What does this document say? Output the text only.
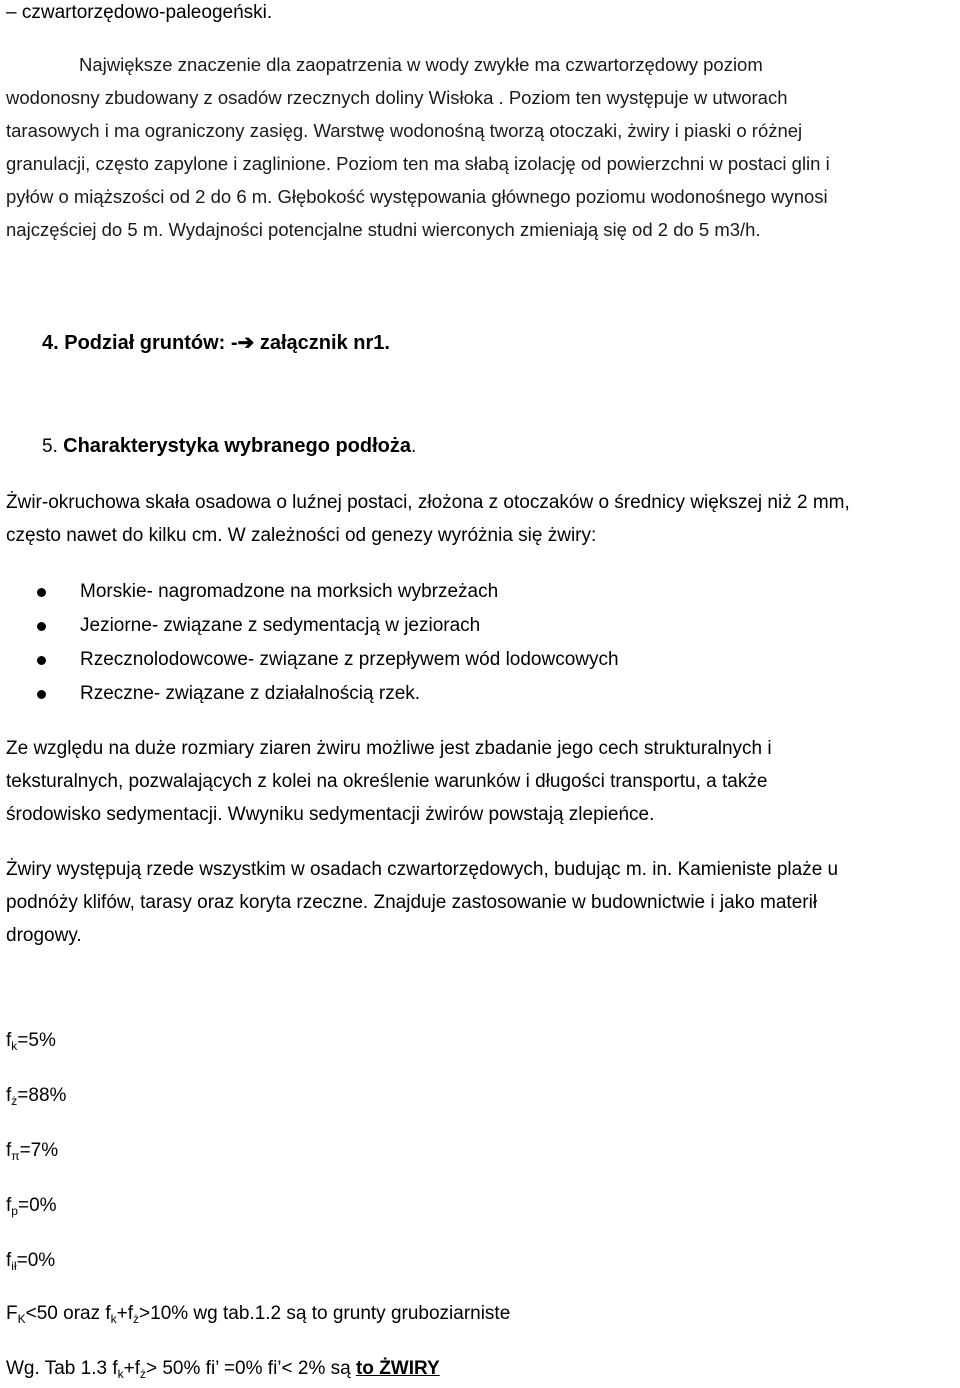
– czwartorzędowo-paleogeński.
Największe znaczenie dla zaopatrzenia w wody zwykłe ma czwartorzędowy poziom
wodonosny zbudowany z osadów rzecznych doliny Wisłoka . Poziom ten występuje w utworach
tarasowych i ma ograniczony zasięg. Warstwę wodonośną tworzą otoczaki, żwiry i piaski o różnej
granulacji, często zapylone i zaglinione. Poziom ten ma słabą izolację od powierzchni w postaci glin i
pyłów o miąższości od 2 do 6 m. Głębokość występowania głównego poziomu wodonośnego wynosi
najczęściej do 5 m. Wydajności potencjalne studni wierconych zmieniają się od 2 do 5 m3/h.
4. Podział gruntów: -➔ załącznik nr1.
5. Charakterystyka wybranego podłoża.
Żwir-okruchowa skała osadowa o luźnej postaci, złożona z otoczaków o średnicy większej niż 2 mm,
często nawet do kilku cm. W zależności od genezy wyróżnia się żwiry:
Morskie- nagromadzone na morksich wybrzeżach
Jeziorne- związane z sedymentacją w jeziorach
Rzecznolodowcowe- związane z przepływem wód lodowcowych
Rzeczne- związane z działalnością rzek.
Ze względu na duże rozmiary ziaren żwiru możliwe jest zbadanie jego cech strukturalnych i
teksturalnych, pozwalających z kolei na określenie warunków i długości transportu, a także
środowisko sedymentacji. Wwyniku sedymentacji żwirów powstają zlepieńce.
Żwiry występują rzede wszystkim w osadach czwartorzędowych, budując m. in. Kamieniste plaże u
podnóży klifów, tarasy oraz koryta rzeczne. Znajduje zastosowanie w budownictwie i jako materił
drogowy.
$f_k=5\%$
$f_ż=88\%$
$f_\pi=7\%$
$f_p=0\%$
$f_{ił}=0\%$
$F_K<50$ oraz $f_k+f_ż>10\%$ wg tab.1.2 są to grunty gruboziarniste
Wg. Tab 1.3 $f_k+f_ż> 50\%$ fi’ =0% fi’< 2% są to ŻWIRY
